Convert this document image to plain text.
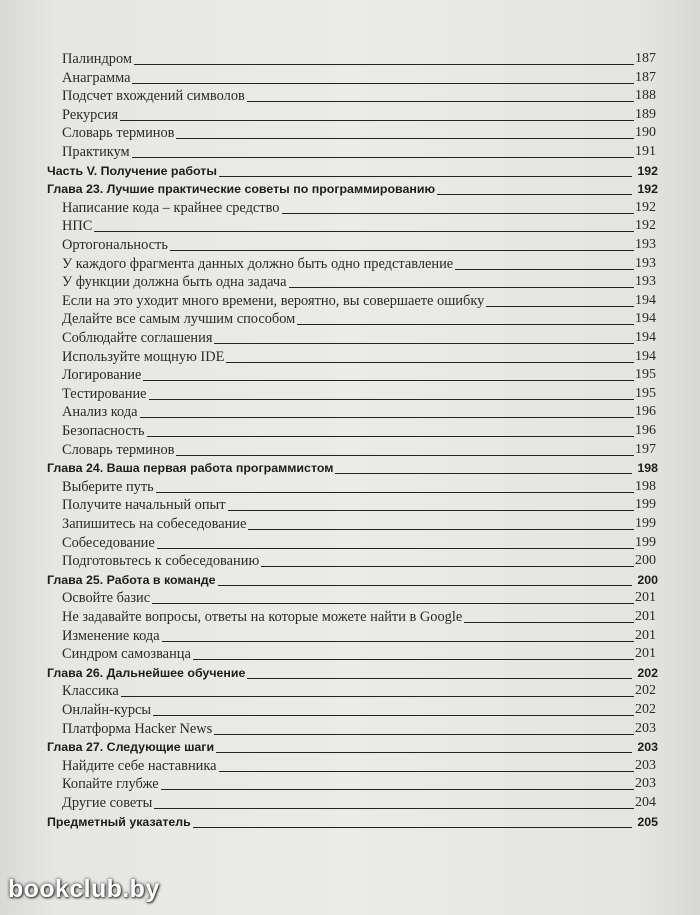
Палиндром	187
Анаграмма	187
Подсчет вхождений символов	188
Рекурсия	189
Словарь терминов	190
Практикум	191
Часть V. Получение работы	192
Глава 23. Лучшие практические советы по программированию	192
Написание кода – крайнее средство	192
НПС	192
Ортогональность	193
У каждого фрагмента данных должно быть одно представление	193
У функции должна быть одна задача	193
Если на это уходит много времени, вероятно, вы совершаете ошибку	194
Делайте все самым лучшим способом	194
Соблюдайте соглашения	194
Используйте мощную IDE	194
Логирование	195
Тестирование	195
Анализ кода	196
Безопасность	196
Словарь терминов	197
Глава 24. Ваша первая работа программистом	198
Выберите путь	198
Получите начальный опыт	199
Запишитесь на собеседование	199
Собеседование	199
Подготовьтесь к собеседованию	200
Глава 25. Работа в команде	200
Освойте базис	201
Не задавайте вопросы, ответы на которые можете найти в Google	201
Изменение кода	201
Синдром самозванца	201
Глава 26. Дальнейшее обучение	202
Классика	202
Онлайн-курсы	202
Платформа Hacker News	203
Глава 27. Следующие шаги	203
Найдите себе наставника	203
Копайте глубже	203
Другие советы	204
Предметный указатель	205
bookclub.by
